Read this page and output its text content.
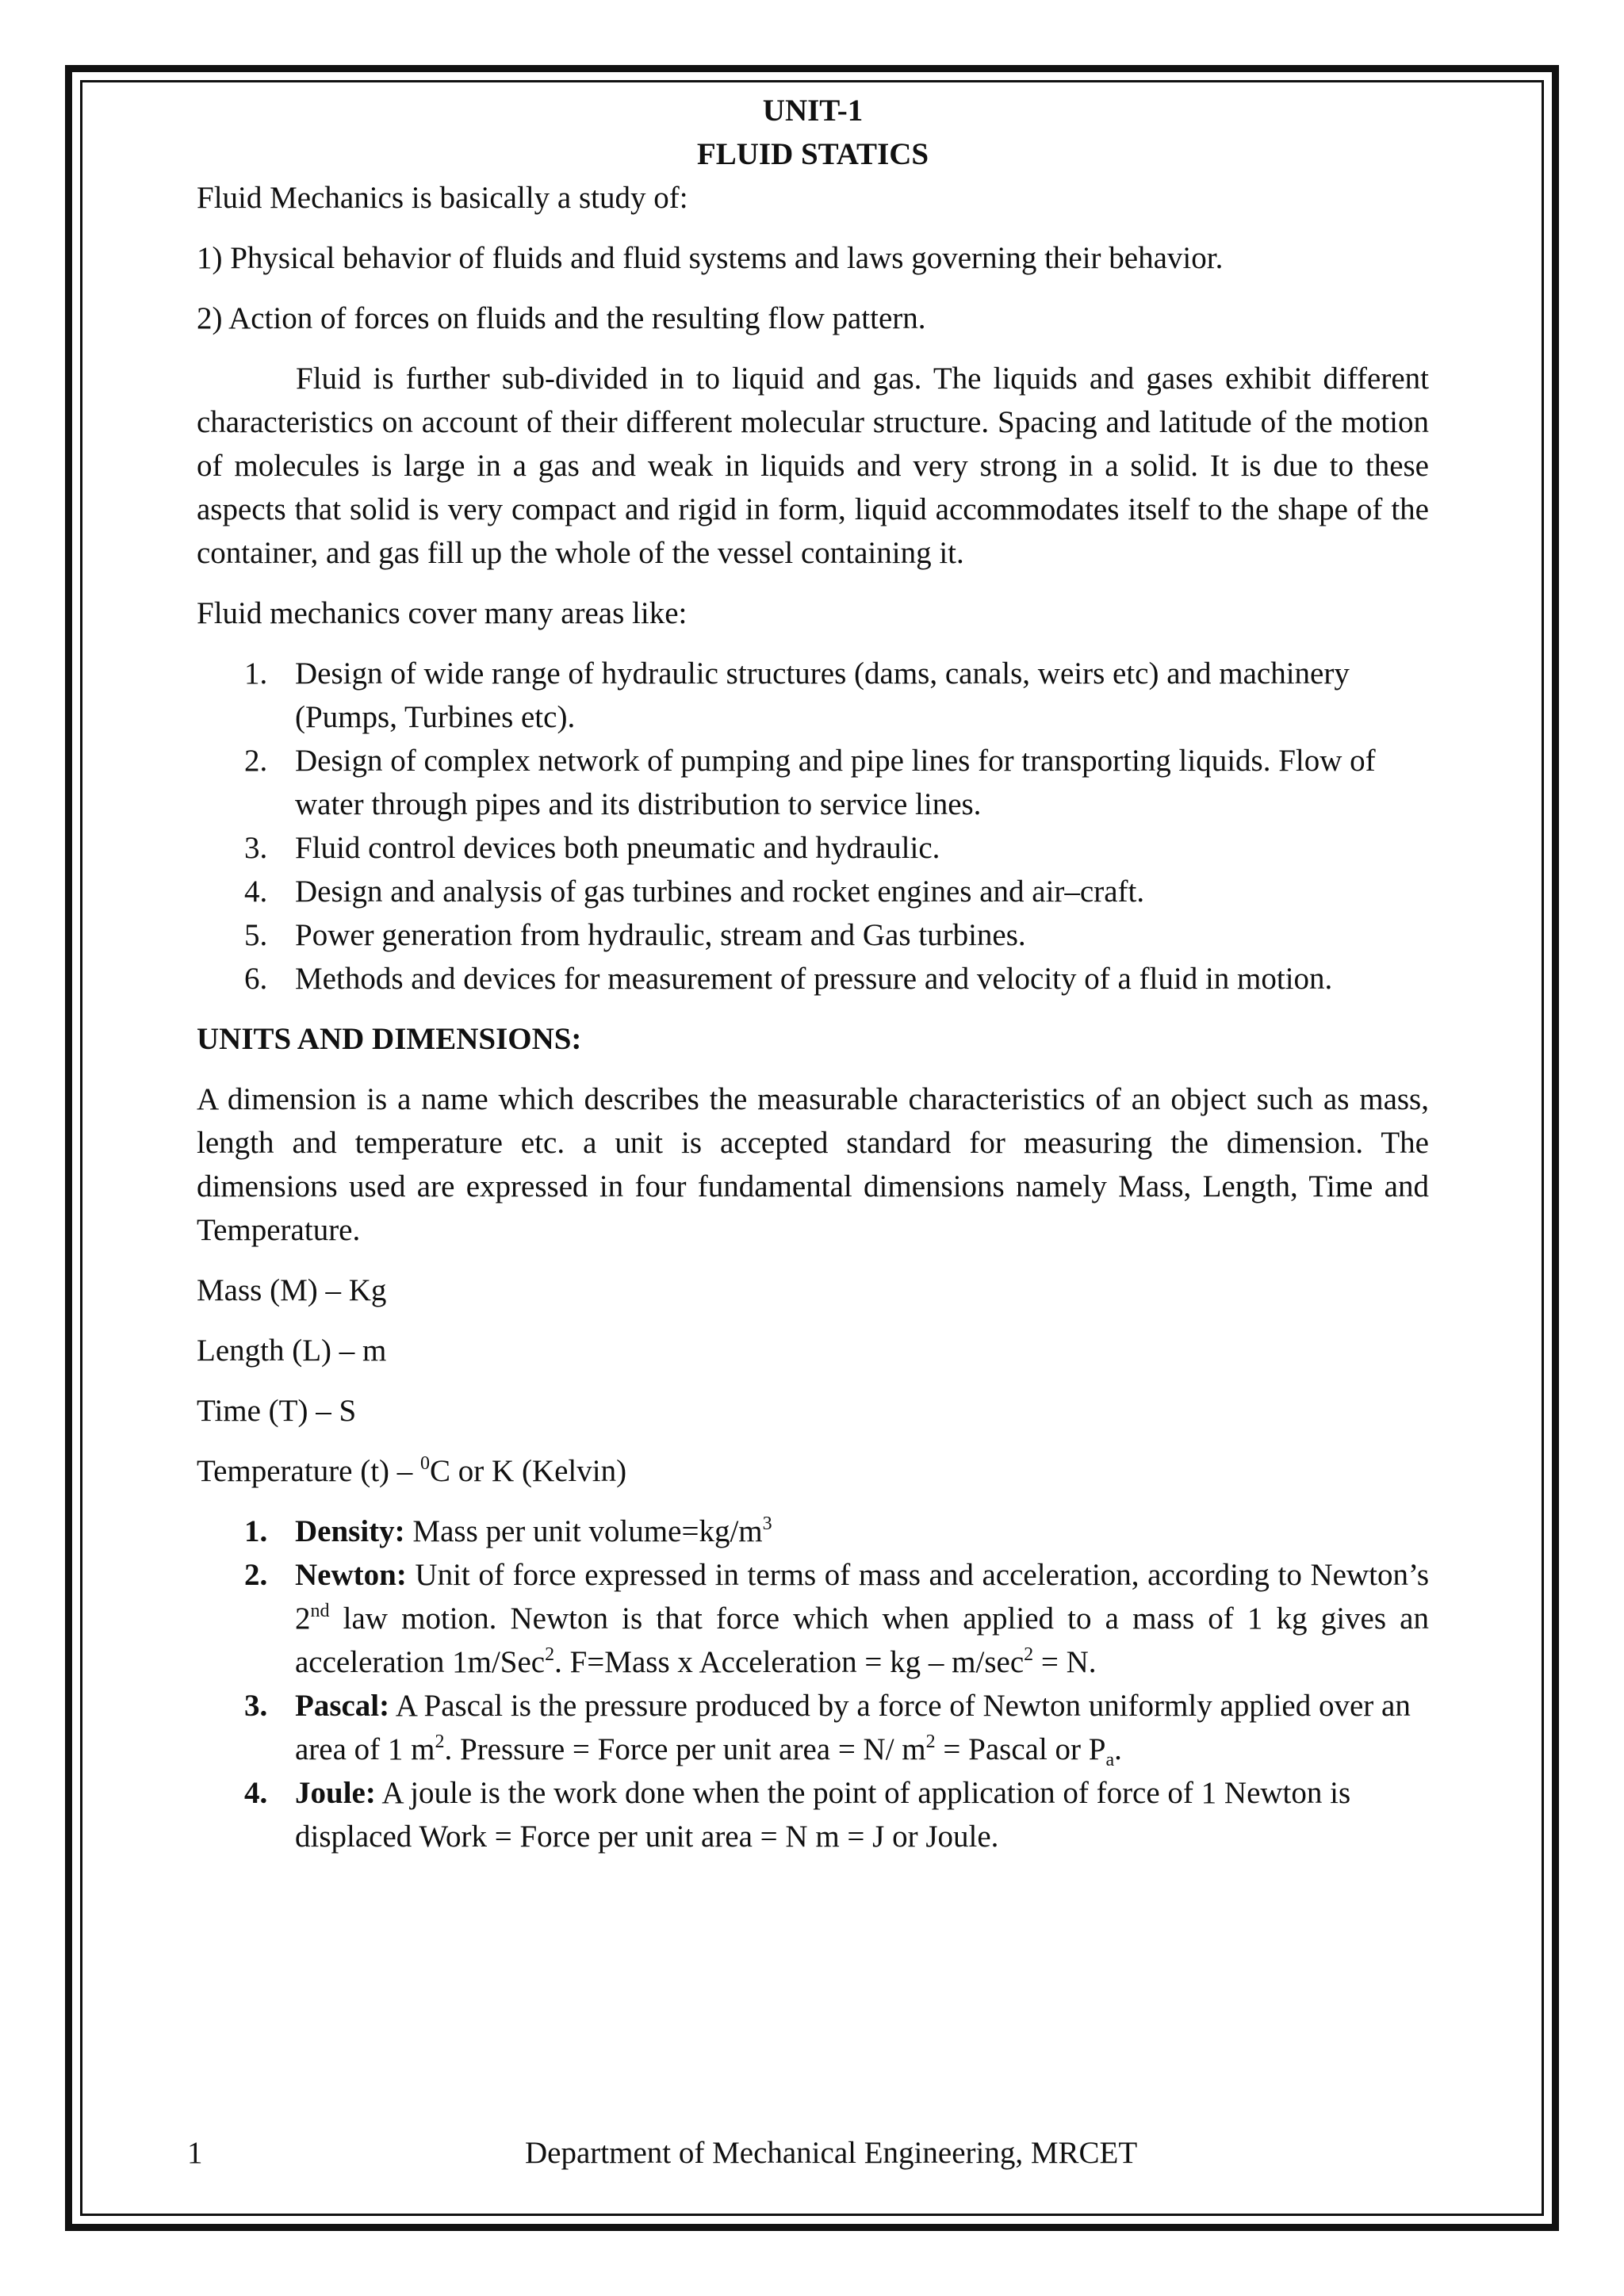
UNIT-1

FLUID STATICS

Fluid Mechanics is basically a study of:

1) Physical behavior of fluids and fluid systems and laws governing their behavior.

2) Action of forces on fluids and the resulting flow pattern.

Fluid is further sub-divided in to liquid and gas. The liquids and gases exhibit different characteristics on account of their different molecular structure. Spacing and latitude of the motion of molecules is large in a gas and weak in liquids and very strong in a solid. It is due to these aspects that solid is very compact and rigid in form, liquid accommodates itself to the shape of the container, and gas fill up the whole of the vessel containing it.

Fluid mechanics cover many areas like:

1. Design of wide range of hydraulic structures (dams, canals, weirs etc) and machinery (Pumps, Turbines etc).
2. Design of complex network of pumping and pipe lines for transporting liquids. Flow of water through pipes and its distribution to service lines.
3. Fluid control devices both pneumatic and hydraulic.
4. Design and analysis of gas turbines and rocket engines and air–craft.
5. Power generation from hydraulic, stream and Gas turbines.
6. Methods and devices for measurement of pressure and velocity of a fluid in motion.

UNITS AND DIMENSIONS:

A dimension is a name which describes the measurable characteristics of an object such as mass, length and temperature etc. a unit is accepted standard for measuring the dimension. The dimensions used are expressed in four fundamental dimensions namely Mass, Length, Time and Temperature.

Mass (M) – Kg

Length (L) – m

Time (T) – S

Temperature (t) – $^0$C or K (Kelvin)

1. Density: Mass per unit $volume=kg/m^3$
2. Newton: Unit of force expressed in terms of mass and acceleration, according to Newton’s 2nd law motion. Newton is that force which when applied to a mass of 1 kg gives an acceleration 1m/Sec$^2$. F=Mass x Acceleration = kg – $m/\sec^2 = N$.
3. Pascal: A Pascal is the pressure produced by a force of Newton uniformly applied over an area of 1 $m^2$. Pressure = Force per unit area = N/ $m^2$ = Pascal or $P_a$.
4. Joule: A joule is the work done when the point of application of force of 1 Newton is displaced Work = Force per unit area = N m = J or Joule.
1	Department of Mechanical Engineering, MRCET
